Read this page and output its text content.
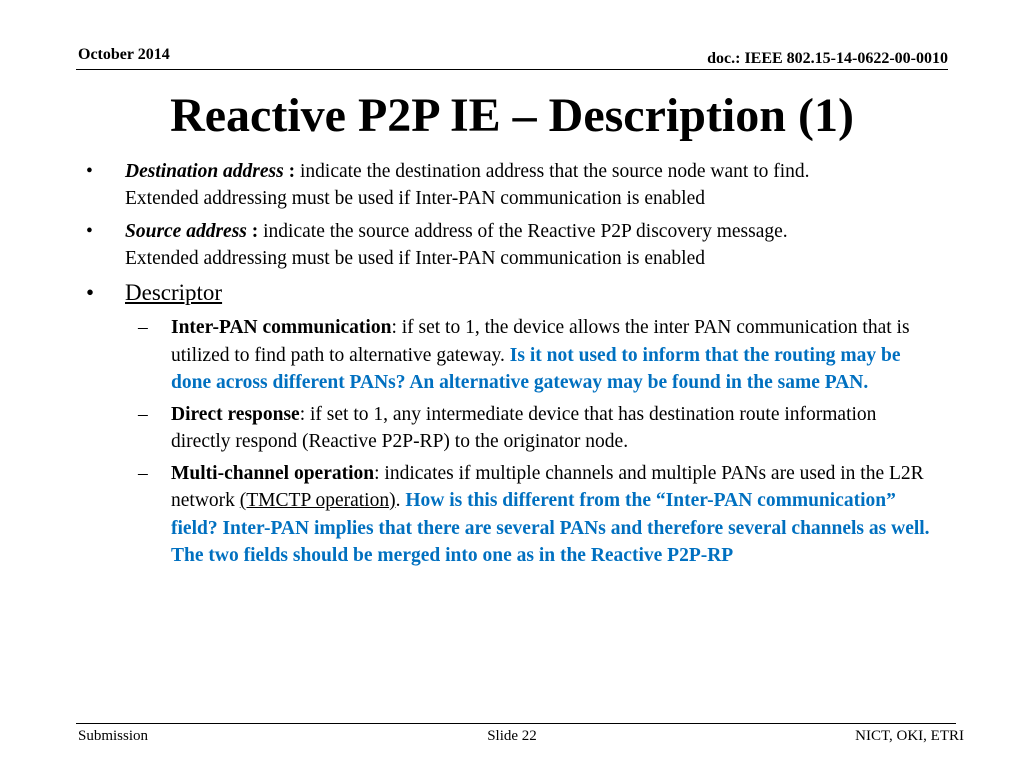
October 2014	doc.: IEEE 802.15-14-0622-00-0010
Reactive P2P IE – Description (1)
• Destination address : indicate the destination address that the source node want to find.
Extended addressing must be used if Inter-PAN communication is enabled
• Source address : indicate the source address of the Reactive P2P discovery message.
Extended addressing must be used if Inter-PAN communication is enabled
• Descriptor
– Inter-PAN communication: if set to 1, the device allows the inter PAN communication that is utilized to find path to alternative gateway. Is it not used to inform that the routing may be done across different PANs? An alternative gateway may be found in the same PAN.
– Direct response: if set to 1, any intermediate device that has destination route information directly respond (Reactive P2P-RP) to the originator node.
– Multi-channel operation: indicates if multiple channels and multiple PANs are used in the L2R network (TMCTP operation). How is this different from the “Inter-PAN communication” field? Inter-PAN implies that there are several PANs and therefore several channels as well. The two fields should be merged into one as in the Reactive P2P-RP
Submission	Slide 22	NICT, OKI, ETRI
